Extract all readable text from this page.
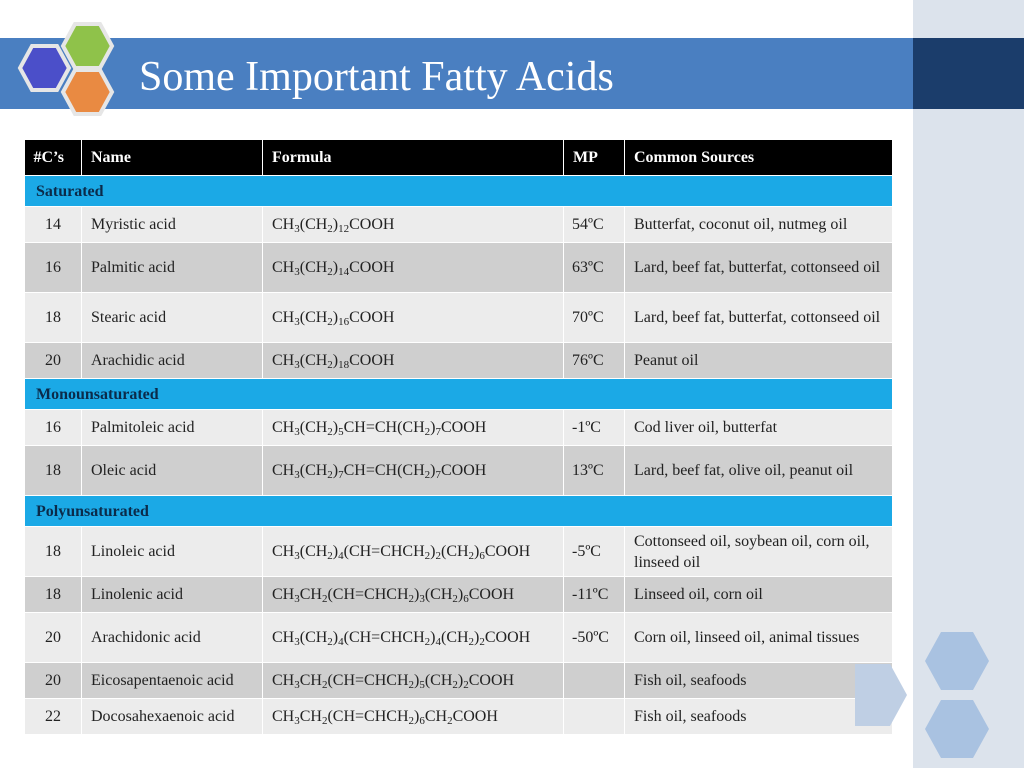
Some Important Fatty Acids
#C’s	Name	Formula	MP	Common Sources
Saturated				
14	Myristic acid	$CH_3(CH_2)_{12}COOH$	54ºC	Butterfat, coconut oil, nutmeg oil
16	Palmitic acid	$CH_3(CH_2)_{14}COOH$	63ºC	Lard, beef fat, butterfat, cottonseed oil
18	Stearic acid	$CH_3(CH_2)_{16}COOH$	70ºC	Lard, beef fat, butterfat, cottonseed oil
20	Arachidic acid	$CH_3(CH_2)_{18}COOH$	76ºC	Peanut oil
Monounsaturated				
16	Palmitoleic acid	$CH_3(CH_2)_5CH=CH(CH_2)_7COOH$	-1ºC	Cod liver oil, butterfat
18	Oleic acid	$CH_3(CH_2)_7CH=CH(CH_2)_7COOH$	13ºC	Lard, beef fat, olive oil, peanut oil
Polyunsaturated				
18	Linoleic acid	$CH_3(CH_2)_4(CH=CHCH_2)_2(CH_2)_6COOH$	-5ºC	Cottonseed oil, soybean oil, corn oil, linseed oil
18	Linolenic acid	$CH_3CH_2(CH=CHCH_2)_3(CH_2)_6COOH$	-11ºC	Linseed oil, corn oil
20	Arachidonic acid	$CH_3(CH_2)_4(CH=CHCH_2)_4(CH_2)_2COOH$	-50ºC	Corn oil, linseed oil, animal tissues
20	Eicosapentaenoic acid	$CH_3CH_2(CH=CHCH_2)_5(CH_2)_2COOH$		Fish oil, seafoods
22	Docosahexaenoic acid	$CH_3CH_2(CH=CHCH_2)_6CH_2COOH$		Fish oil, seafoods
